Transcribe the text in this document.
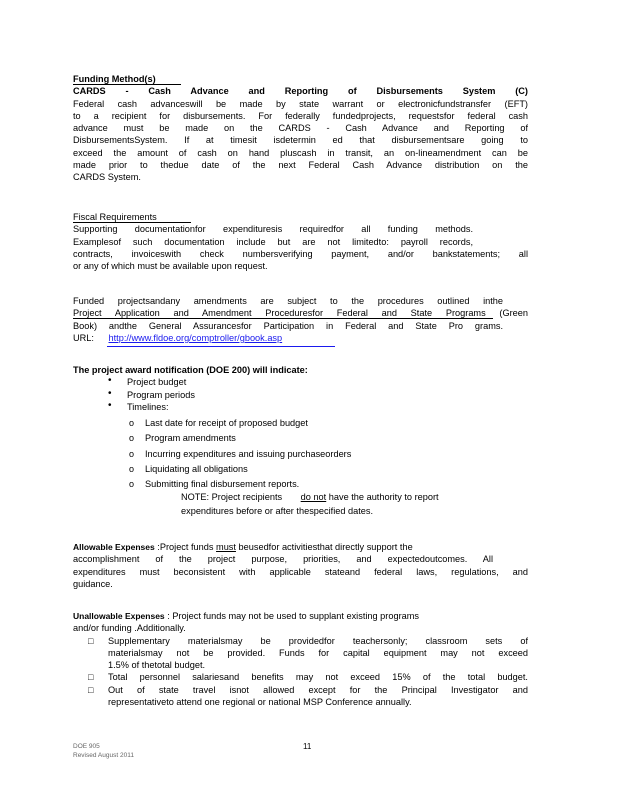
Funding Method(s)
CARDS - Cash Advance and Reporting of Disbursements System (C)
Federal cash advanceswill be made by state warrant or electronicfundstransfer (EFT)
to a recipient for disbursements. For federally fundedprojects, requestsfor federal cash
advance must be made on the CARDS - Cash Advance and Reporting of
DisbursementsSystem. If at timesit isdetermin ed that disbursementsare going to
exceed the amount of cash on hand pluscash in transit, an on-lineamendment can be
made prior to thedue date of the next Federal Cash Advance distribution on the
CARDS System.
Fiscal Requirements
Supporting documentationfor expendituresis requiredfor all funding methods.
Examplesof such documentation include but are not limitedto: payroll records,
contracts, invoiceswith check numbersverifying payment, and/or bankstatements; all
or any of which must be available upon request.
Funded projectsandany amendments are subject to the procedures outlined inthe
Project Application and Amendment Proceduresfor Federal and State Programs (Green
Book) andthe General Assurancesfor Participation in Federal and State Pro grams.
URL: http://www.fldoe.org/comptroller/gbook.asp
The project award notification (DOE 200) will indicate:
• Project budget
• Program periods
• Timelines:
o Last date for receipt of proposed budget
o Program amendments
o Incurring expenditures and issuing purchaseorders
o Liquidating all obligations
o Submitting final disbursement reports.
NOTE: Project recipients do not have the authority to report
expenditures before or after thespecified dates.
Allowable Expenses :Project funds must beusedfor activitiesthat directly support the
accomplishment of the project purpose, priorities, and expectedoutcomes. All
expenditures must beconsistent with applicable stateand federal laws, regulations, and
guidance.
Unallowable Expenses : Project funds may not be used to supplant existing programs
and/or funding .Additionally.
□ Supplementary materialsmay be providedfor teachersonly; classroom sets of
materialsmay not be provided. Funds for capital equipment may not exceed
1.5% of thetotal budget.
□ Total personnel salariesand benefits may not exceed 15% of the total budget.
□ Out of state travel isnot allowed except for the Principal Investigator and
representativeto attend one regional or national MSP Conference annually.
DOE 905
Revised August 2011
11
